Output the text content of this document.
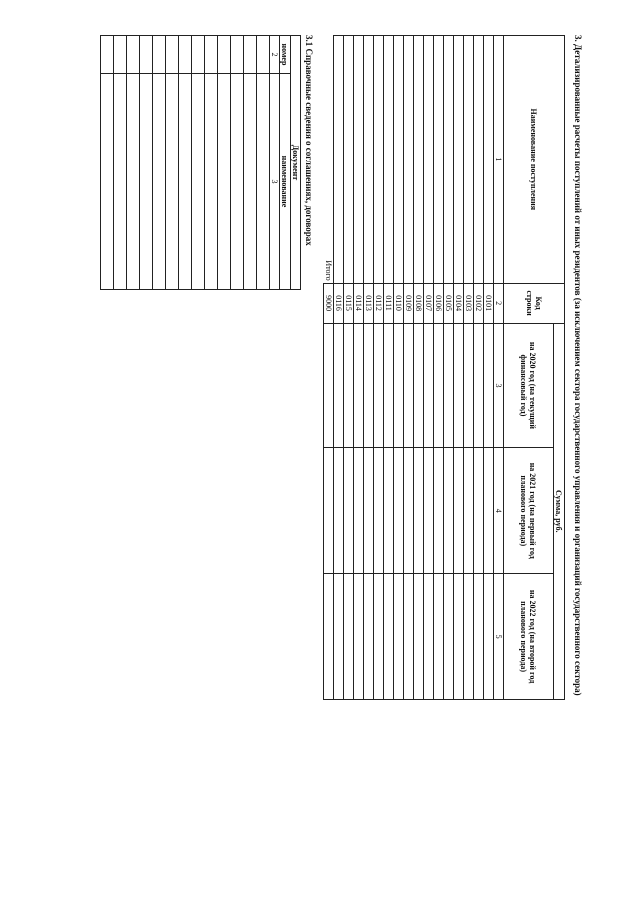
3. Детализированные расчеты поступлений от иных резидентов (за исключением сектора государственного управления и организаций государственного сектора)
Наименование поступления	Код строки	Сумма, руб.		
		на 2020 год (на текущий финансовый год)	на 2021 год (на первый год планового периода)	на 2022 год (на второй год планового периода)
1	2	3	4	5
	0101			
	0102			
	0103			
	0104			
	0105			
	0106			
	0107			
	0108			
	0109			
	0110			
	0111			
	0112			
	0113			
	0114			
	0115			
	0116			
Итого	9000			
3.1 Справочные сведения о соглашениях, договорах
	Документ	
	номер	наименование
	2	3
